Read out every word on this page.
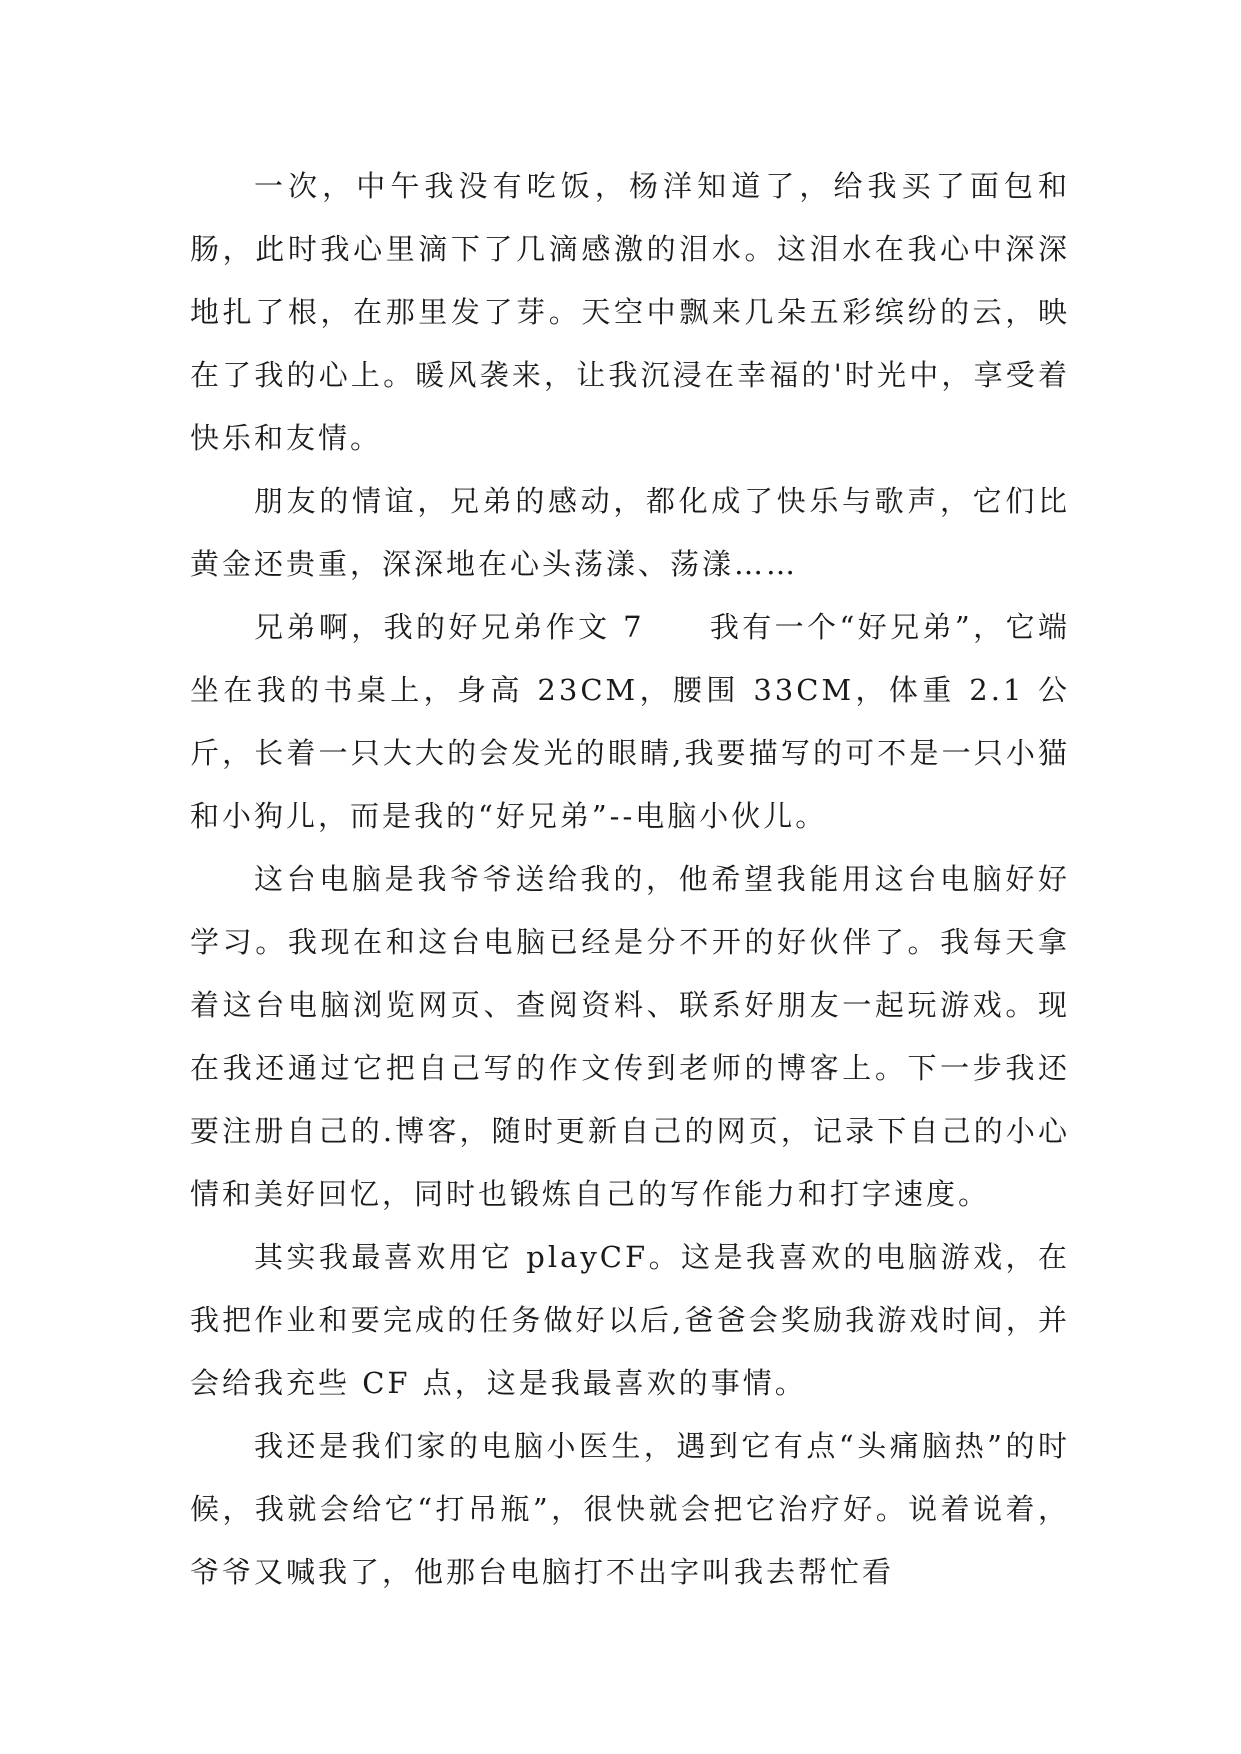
一次，中午我没有吃饭，杨洋知道了，给我买了面包和肠，此时我心里滴下了几滴感激的泪水。这泪水在我心中深深地扎了根，在那里发了芽。天空中飘来几朵五彩缤纷的云，映在了我的心上。暖风袭来，让我沉浸在幸福的'时光中，享受着快乐和友情。

朋友的情谊，兄弟的感动，都化成了快乐与歌声，它们比黄金还贵重，深深地在心头荡漾、荡漾……

兄弟啊，我的好兄弟作文 7　　我有一个“好兄弟”，它端坐在我的书桌上，身高 23CM，腰围 33CM，体重 2.1 公斤，长着一只大大的会发光的眼睛,我要描写的可不是一只小猫和小狗儿，而是我的“好兄弟”--电脑小伙儿。

这台电脑是我爷爷送给我的，他希望我能用这台电脑好好学习。我现在和这台电脑已经是分不开的好伙伴了。我每天拿着这台电脑浏览网页、查阅资料、联系好朋友一起玩游戏。现在我还通过它把自己写的作文传到老师的博客上。下一步我还要注册自己的.博客，随时更新自己的网页，记录下自己的小心情和美好回忆，同时也锻炼自己的写作能力和打字速度。

其实我最喜欢用它 playCF。这是我喜欢的电脑游戏，在我把作业和要完成的任务做好以后,爸爸会奖励我游戏时间，并会给我充些 CF 点，这是我最喜欢的事情。

我还是我们家的电脑小医生，遇到它有点“头痛脑热”的时候，我就会给它“打吊瓶”，很快就会把它治疗好。说着说着，爷爷又喊我了，他那台电脑打不出字叫我去帮忙看
